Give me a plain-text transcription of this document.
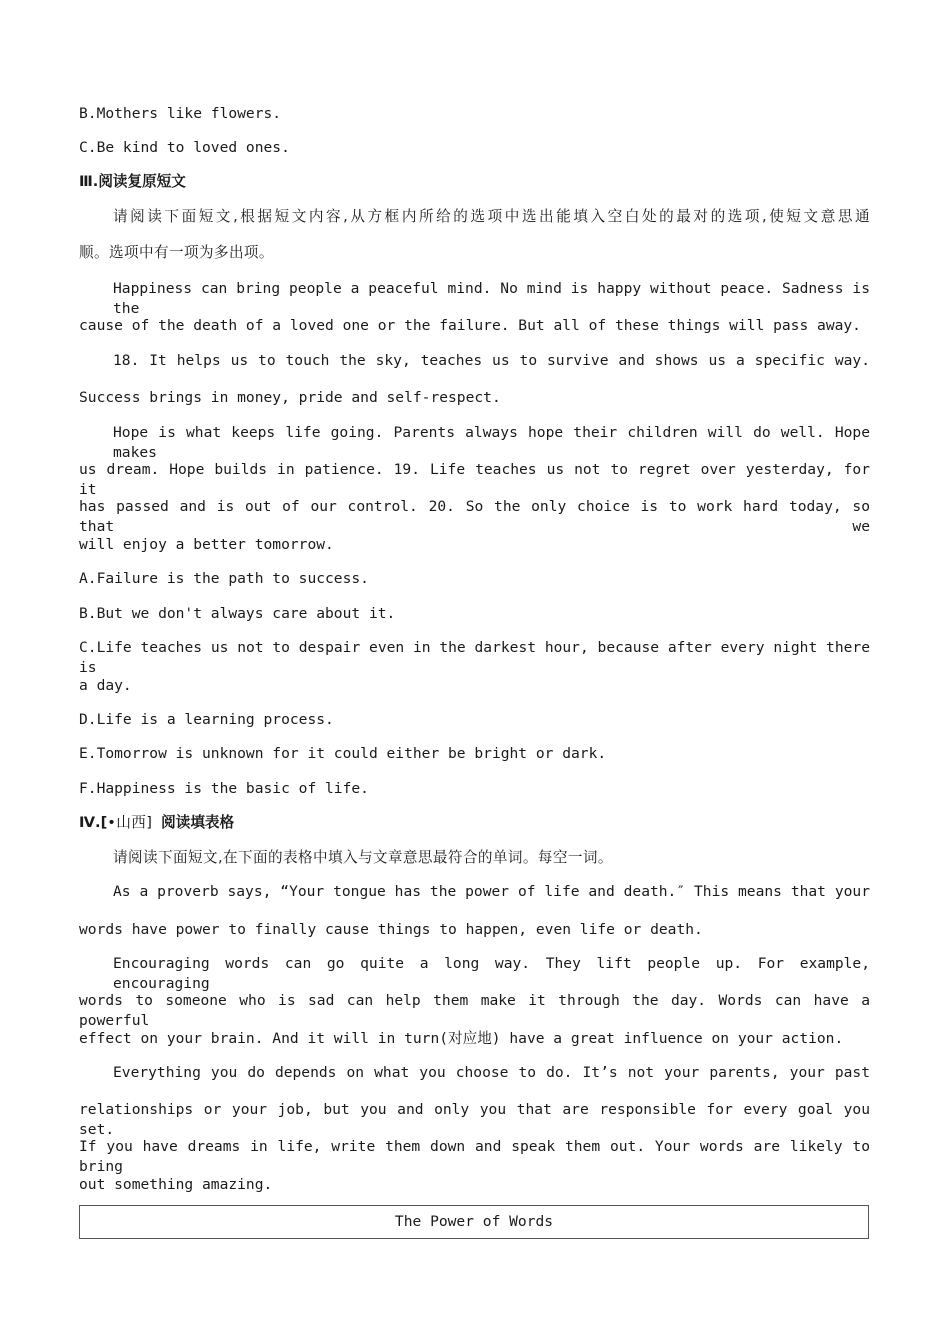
B.Mothers like flowers.
C.Be kind to loved ones.
Ⅲ.阅读复原短文
请阅读下面短文,根据短文内容,从方框内所给的选项中选出能填入空白处的最对的选项,使短文意思通
顺。选项中有一项为多出项。
Happiness can bring people a peaceful mind. No mind is happy without peace. Sadness is the
cause of the death of a loved one or the failure. But all of these things will pass away.
18. It helps us to touch the sky, teaches us to survive and shows us a specific way.
Success brings in money, pride and self-respect.
Hope is what keeps life going. Parents always hope their children will do well. Hope makes
us dream. Hope builds in patience. 19. Life teaches us not to regret over yesterday, for it
has passed and is out of our control. 20. So the only choice is to work hard today, so that we
will enjoy a better tomorrow.
A.Failure is the path to success.
B.But we don't always care about it.
C.Life teaches us not to despair even in the darkest hour, because after every night there is
a day.
D.Life is a learning process.
E.Tomorrow is unknown for it could either be bright or dark.
F.Happiness is the basic of life.
Ⅳ.[•山西] 阅读填表格
请阅读下面短文,在下面的表格中填入与文章意思最符合的单词。每空一词。
As a proverb says, “Your tongue has the power of life and death.″ This means that your
words have power to finally cause things to happen, even life or death.
Encouraging words can go quite a long way. They lift people up. For example, encouraging
words to someone who is sad can help them make it through the day. Words can have a powerful
effect on your brain. And it will in turn(对应地) have a great influence on your action.
Everything you do depends on what you choose to do. It’s not your parents, your past
relationships or your job, but you and only you that are responsible for every goal you set.
If you have dreams in life, write them down and speak them out. Your words are likely to bring
out something amazing.
The Power of Words
